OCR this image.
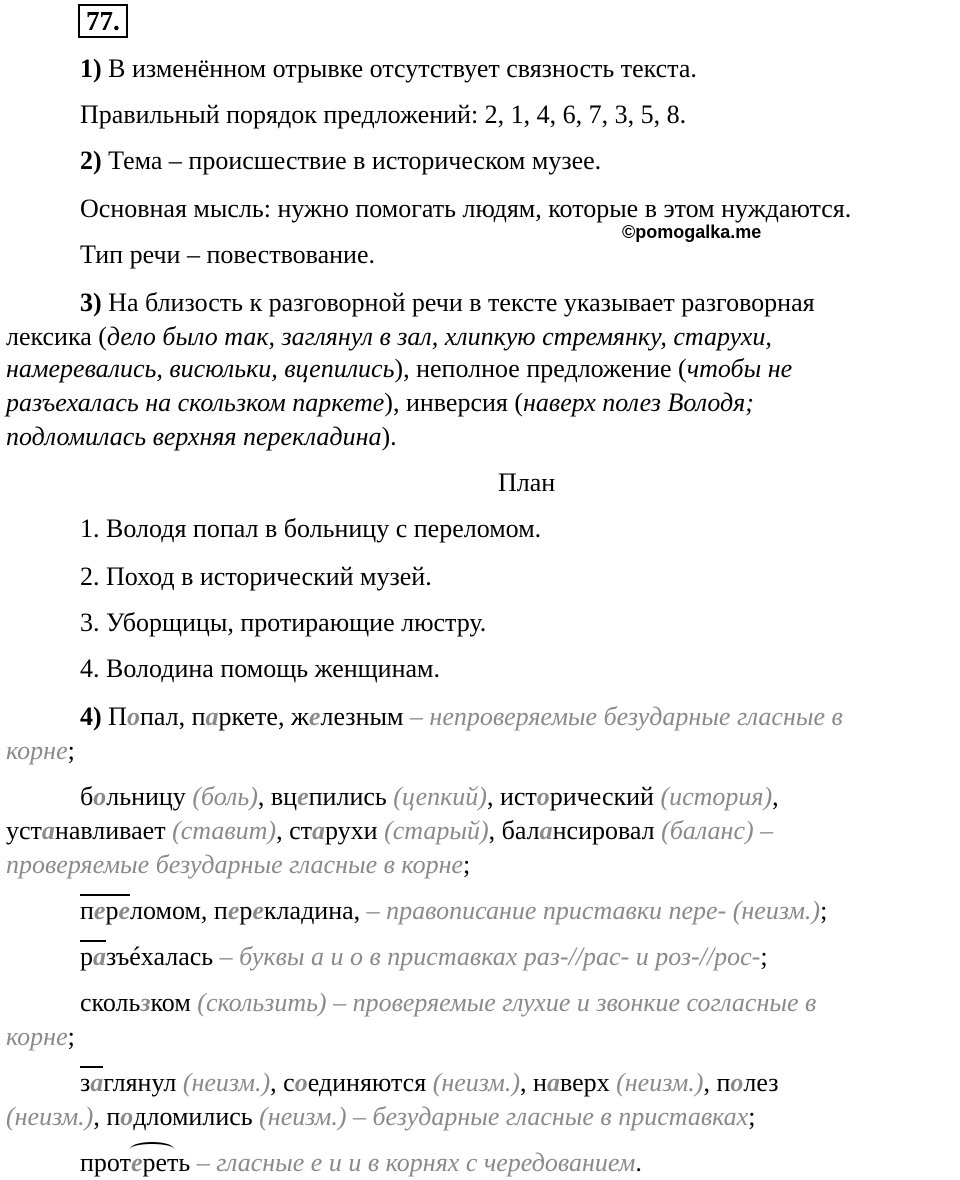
77.
1) В изменённом отрывке отсутствует связность текста.
Правильный порядок предложений: 2, 1, 4, 6, 7, 3, 5, 8.
2) Тема – происшествие в историческом музее.
Основная мысль: нужно помогать людям, которые в этом нуждаются.
©pomogalka.me
Тип речи – повествование.
3) На близость к разговорной речи в тексте указывает разговорная
лексика (дело было так, заглянул в зал, хлипкую стремянку, старухи,
намеревались, висюльки, вцепились), неполное предложение (чтобы не
разъехалась на скользком паркете), инверсия (наверх полез Володя;
подломилась верхняя перекладина).
План
1. Володя попал в больницу с переломом.
2. Поход в исторический музей.
3. Уборщицы, протирающие люстру.
4. Володина помощь женщинам.
4) Попал, паркете, железным – непроверяемые безударные гласные в
корне;
больницу (боль), вцепились (цепкий), исторический (история),
устанавливает (ставит), старухи (старый), балансировал (баланс) –
проверяемые безударные гласные в корне;
переломом, перекладина, – правописание приставки пере- (неизм.);
разъéхалась – буквы а и о в приставках раз-//рас- и роз-//рос-;
скользком (скользить) – проверяемые глухие и звонкие согласные в
корне;
заглянул (неизм.), соединяются (неизм.), наверх (неизм.), полез
(неизм.), подломились (неизм.) – безударные гласные в приставках;
протереть – гласные е и и в корнях с чередованием.
